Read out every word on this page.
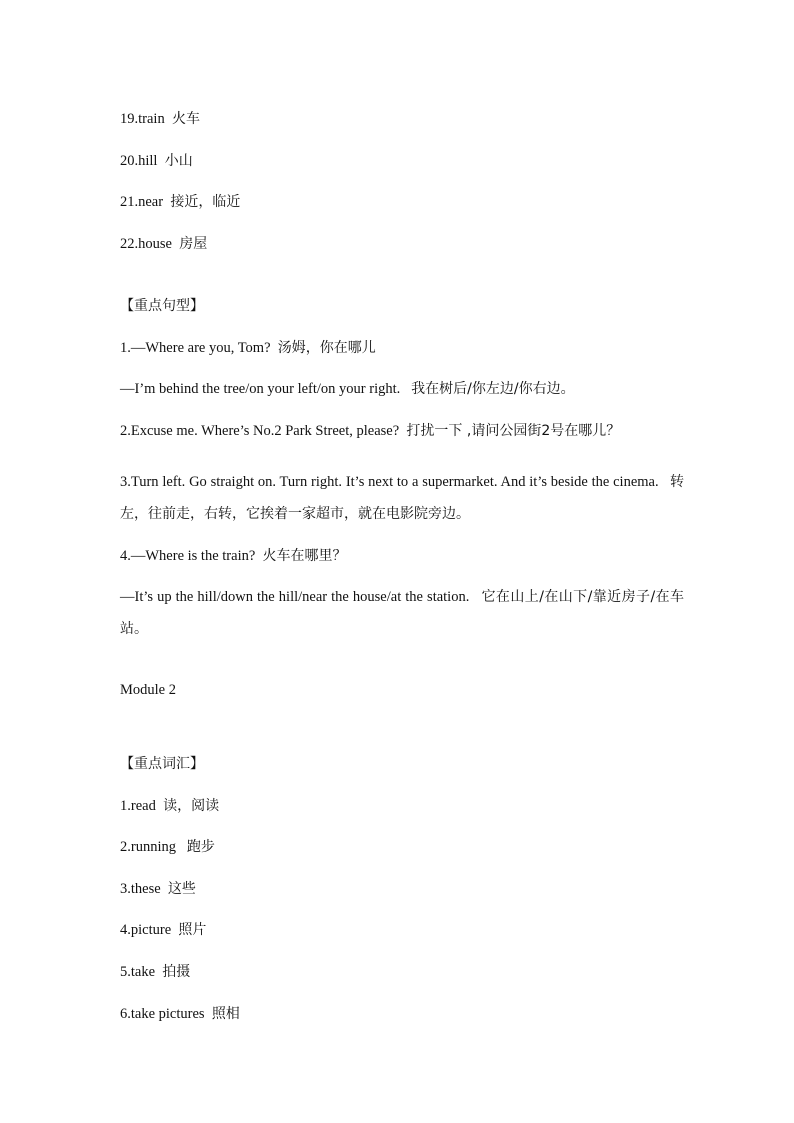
19.train 火车
20.hill 小山
21.near 接近，临近
22.house 房屋
【重点句型】
1.—Where are you, Tom? 汤姆，你在哪儿
—I’m behind the tree/on your left/on your right. 我在树后/你左边/你右边。
2.Excuse me. Where’s No.2 Park Street, please? 打扰一下 ,请问公园街2号在哪儿？
3.Turn left. Go straight on. Turn right. It’s next to a supermarket. And it’s beside the cinema. 转左，往前走，右转，它挨着一家超市，就在电影院旁边。
4.—Where is the train? 火车在哪里？
—It’s up the hill/down the hill/near the house/at the station. 它在山上/在山下/靠近房子/在车站。
Module 2
【重点词汇】
1.read 读，阅读
2.running 跑步
3.these 这些
4.picture 照片
5.take 拍摄
6.take pictures 照相
